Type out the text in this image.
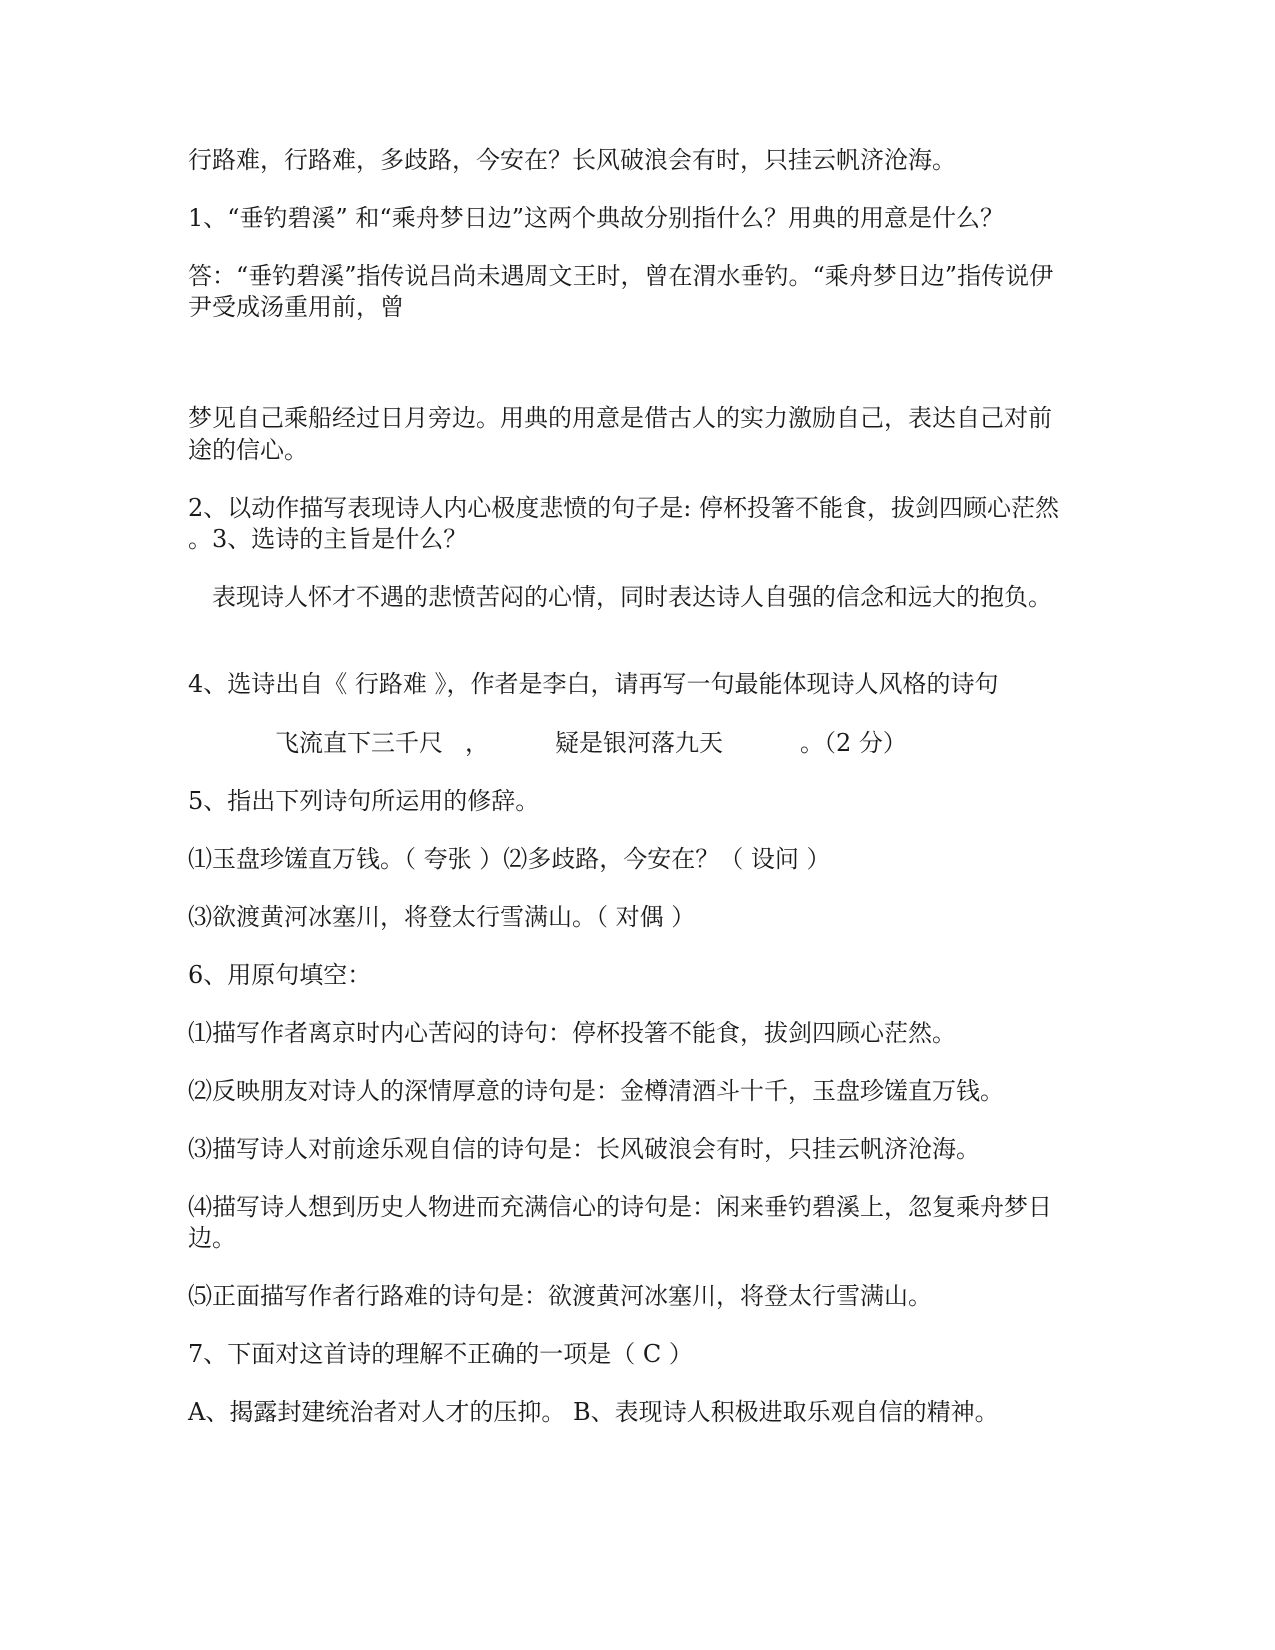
行路难，行路难，多歧路，今安在？长风破浪会有时，只挂云帆济沧海。
1、“垂钓碧溪” 和“乘舟梦日边”这两个典故分别指什么？用典的用意是什么？
答：“垂钓碧溪”指传说吕尚未遇周文王时，曾在渭水垂钓。“乘舟梦日边”指传说伊
尹受成汤重用前，曾
梦见自己乘船经过日月旁边。用典的用意是借古人的实力激励自己，表达自己对前
途的信心。
2、以动作描写表现诗人内心极度悲愤的句子是: 停杯投箸不能食，拔剑四顾心茫然
。3、选诗的主旨是什么？
表现诗人怀才不遇的悲愤苦闷的心情，同时表达诗人自强的信念和远大的抱负。
4、选诗出自《 行路难 》，作者是李白，请再写一句最能体现诗人风格的诗句
飞流直下三千尺 ，	疑是银河落九天	。（2 分）
5、指出下列诗句所运用的修辞。
⑴玉盘珍馐直万钱。（ 夸张 ）⑵多歧路，今安在？（ 设问 ）
⑶欲渡黄河冰塞川，将登太行雪满山。（ 对偶 ）
6、用原句填空：
⑴描写作者离京时内心苦闷的诗句：停杯投箸不能食，拔剑四顾心茫然。
⑵反映朋友对诗人的深情厚意的诗句是：金樽清酒斗十千，玉盘珍馐直万钱。
⑶描写诗人对前途乐观自信的诗句是：长风破浪会有时，只挂云帆济沧海。
⑷描写诗人想到历史人物进而充满信心的诗句是：闲来垂钓碧溪上，忽复乘舟梦日
边。
⑸正面描写作者行路难的诗句是：欲渡黄河冰塞川，将登太行雪满山。
7、下面对这首诗的理解不正确的一项是（ C ）
A、揭露封建统治者对人才的压抑。 B、表现诗人积极进取乐观自信的精神。
